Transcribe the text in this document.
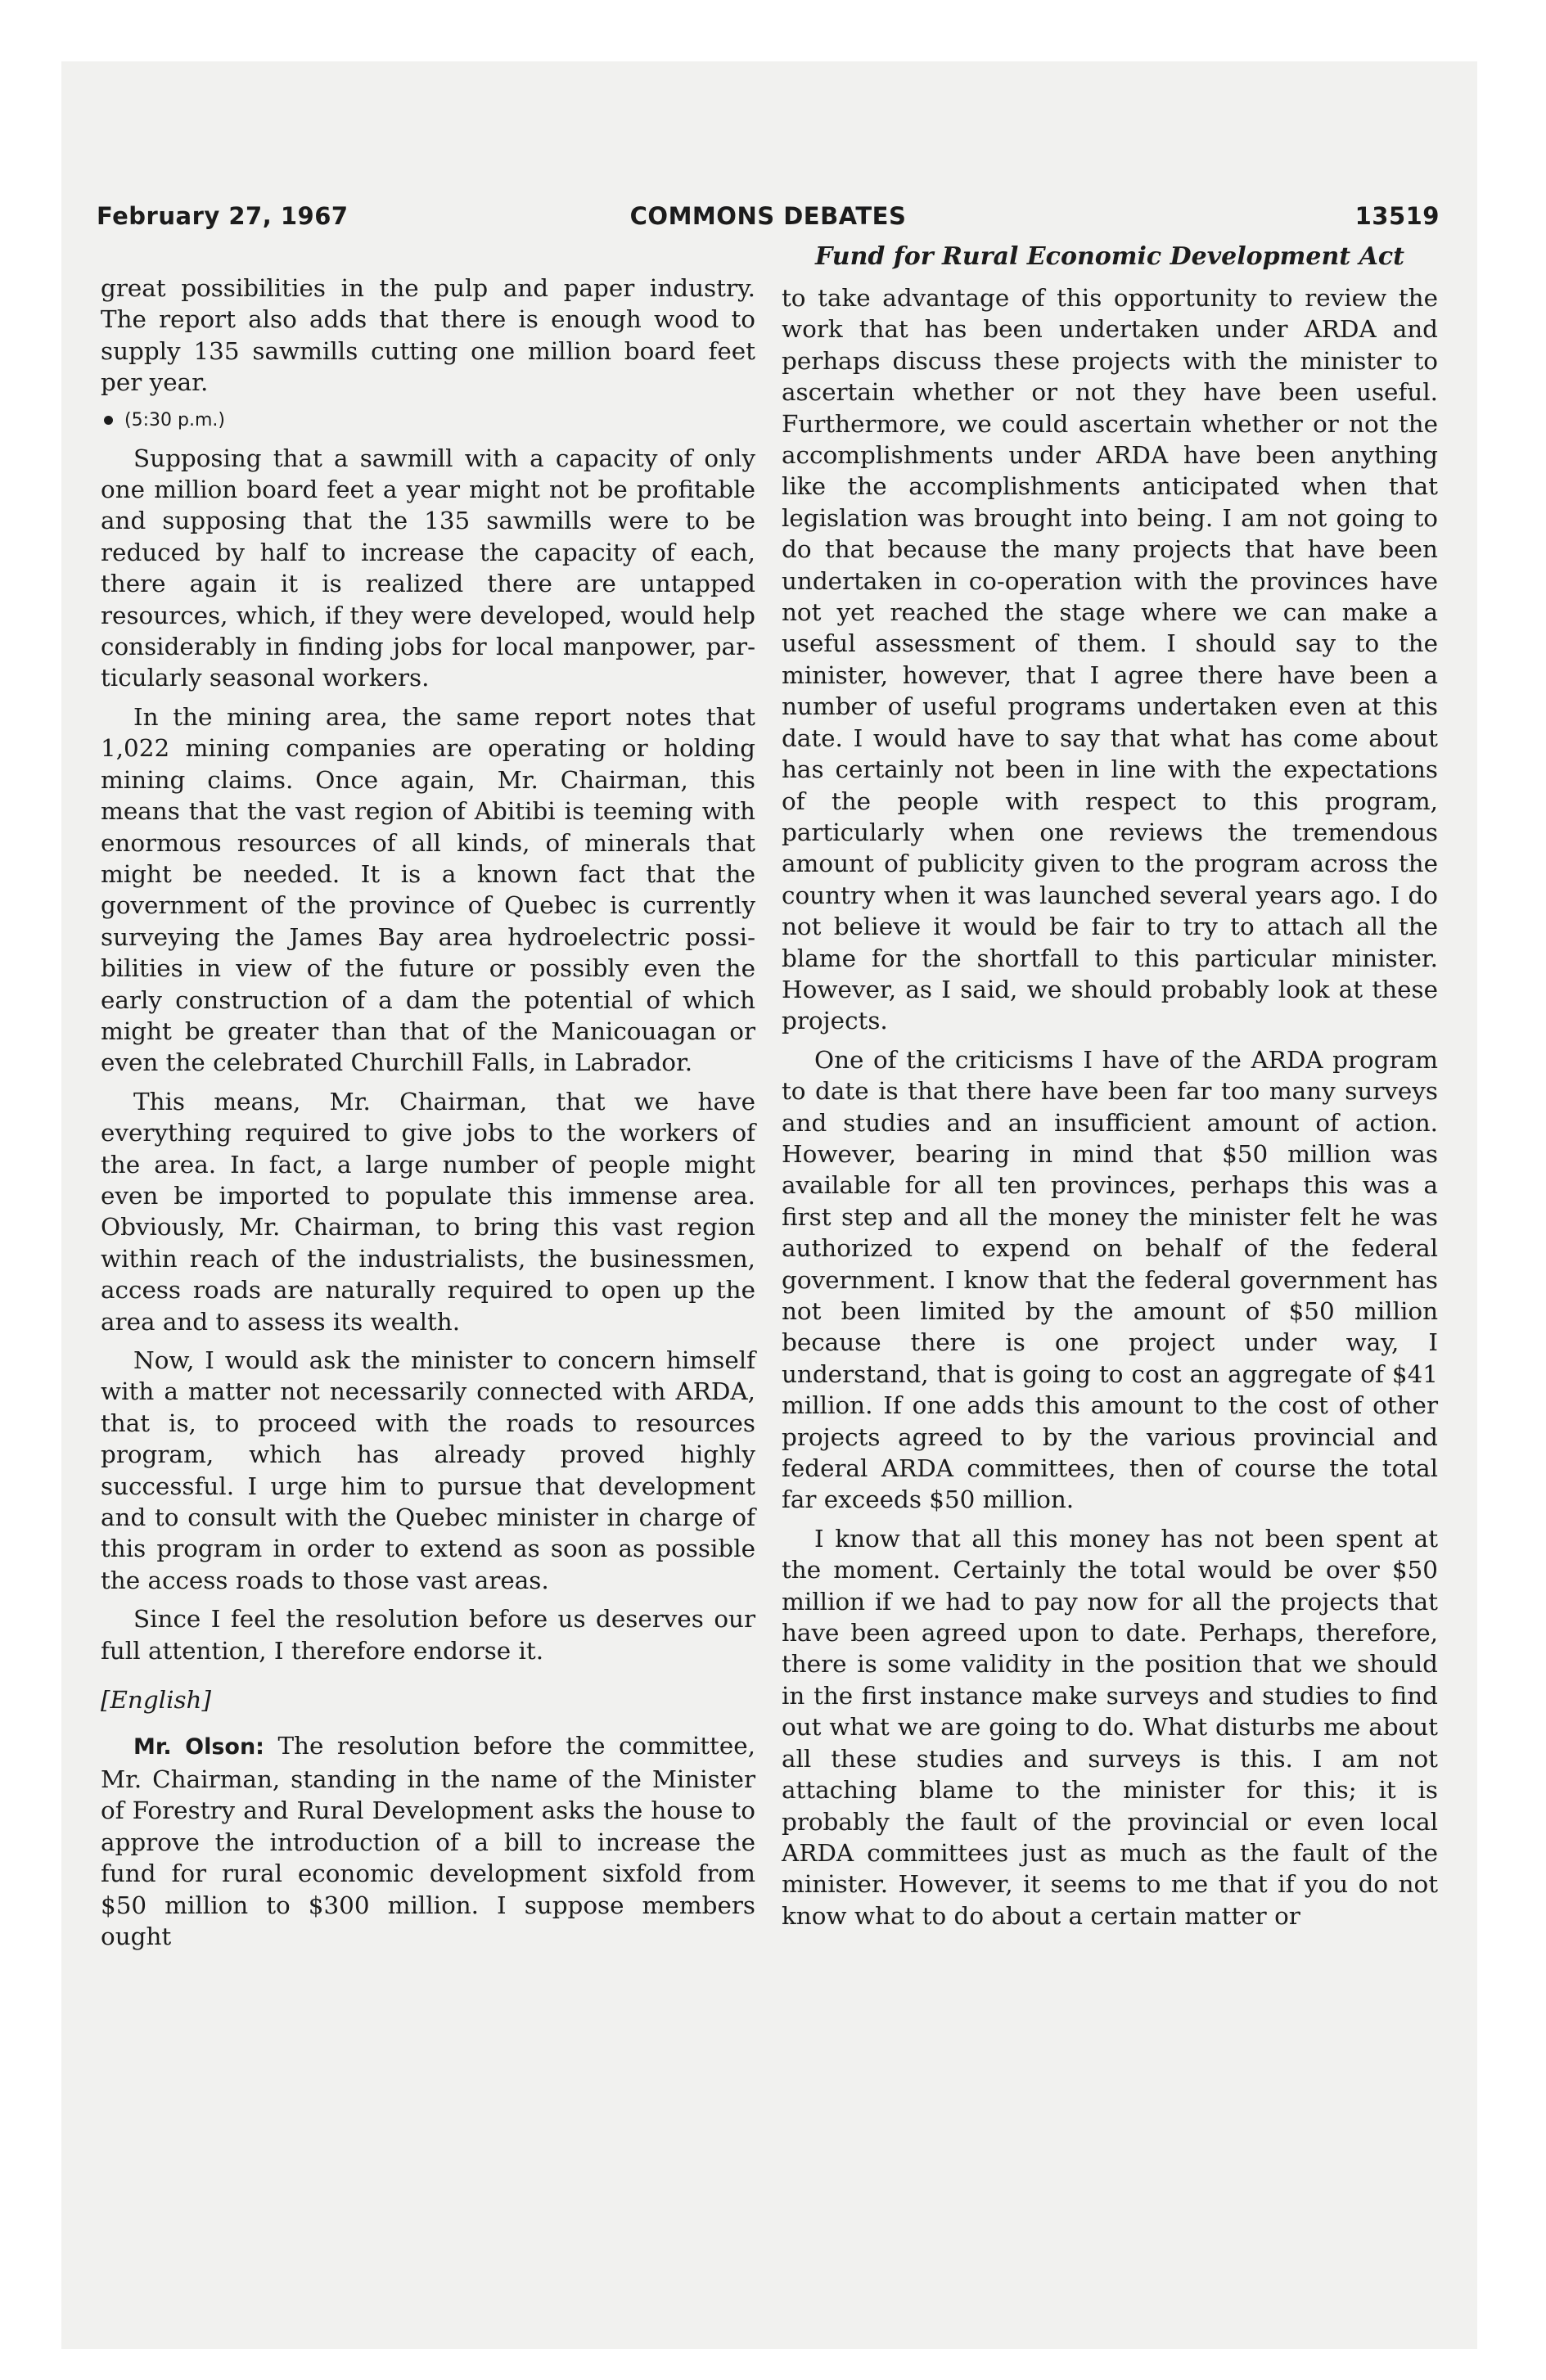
February 27, 1967	COMMONS DEBATES	13519

great possibilities in the pulp and paper industry. The report also adds that there is enough wood to supply 135 sawmills cutting one million board feet per year.

(5:30 p.m.)

Supposing that a sawmill with a capacity of only one million board feet a year might not be profitable and supposing that the 135 sawmills were to be reduced by half to increase the capacity of each, there again it is realized there are untapped resources, which, if they were developed, would help considerably in finding jobs for local manpower, particularly seasonal workers.

In the mining area, the same report notes that 1,022 mining companies are operating or holding mining claims. Once again, Mr. Chairman, this means that the vast region of Abitibi is teeming with enormous resources of all kinds, of minerals that might be needed. It is a known fact that the government of the province of Quebec is currently surveying the James Bay area hydroelectric possibilities in view of the future or possibly even the early construction of a dam the potential of which might be greater than that of the Manicouagan or even the celebrated Churchill Falls, in Labrador.

This means, Mr. Chairman, that we have everything required to give jobs to the workers of the area. In fact, a large number of people might even be imported to populate this immense area. Obviously, Mr. Chairman, to bring this vast region within reach of the industrialists, the businessmen, access roads are naturally required to open up the area and to assess its wealth.

Now, I would ask the minister to concern himself with a matter not necessarily connected with ARDA, that is, to proceed with the roads to resources program, which has already proved highly successful. I urge him to pursue that development and to consult with the Quebec minister in charge of this program in order to extend as soon as possible the access roads to those vast areas.

Since I feel the resolution before us deserves our full attention, I therefore endorse it.

[English]

Mr. Olson: The resolution before the committee, Mr. Chairman, standing in the name of the Minister of Forestry and Rural Development asks the house to approve the introduction of a bill to increase the fund for rural economic development sixfold from $50 million to $300 million. I suppose members ought

Fund for Rural Economic Development Act

to take advantage of this opportunity to review the work that has been undertaken under ARDA and perhaps discuss these projects with the minister to ascertain whether or not they have been useful. Furthermore, we could ascertain whether or not the accomplishments under ARDA have been anything like the accomplishments anticipated when that legislation was brought into being. I am not going to do that because the many projects that have been undertaken in co-operation with the provinces have not yet reached the stage where we can make a useful assessment of them. I should say to the minister, however, that I agree there have been a number of useful programs undertaken even at this date. I would have to say that what has come about has certainly not been in line with the expectations of the people with respect to this program, particularly when one reviews the tremendous amount of publicity given to the program across the country when it was launched several years ago. I do not believe it would be fair to try to attach all the blame for the shortfall to this particular minister. However, as I said, we should probably look at these projects.

One of the criticisms I have of the ARDA program to date is that there have been far too many surveys and studies and an insufficient amount of action. However, bearing in mind that $50 million was available for all ten provinces, perhaps this was a first step and all the money the minister felt he was authorized to expend on behalf of the federal government. I know that the federal government has not been limited by the amount of $50 million because there is one project under way, I understand, that is going to cost an aggregate of $41 million. If one adds this amount to the cost of other projects agreed to by the various provincial and federal ARDA committees, then of course the total far exceeds $50 million.

I know that all this money has not been spent at the moment. Certainly the total would be over $50 million if we had to pay now for all the projects that have been agreed upon to date. Perhaps, therefore, there is some validity in the position that we should in the first instance make surveys and studies to find out what we are going to do. What disturbs me about all these studies and surveys is this. I am not attaching blame to the minister for this; it is probably the fault of the provincial or even local ARDA committees just as much as the fault of the minister. However, it seems to me that if you do not know what to do about a certain matter or
